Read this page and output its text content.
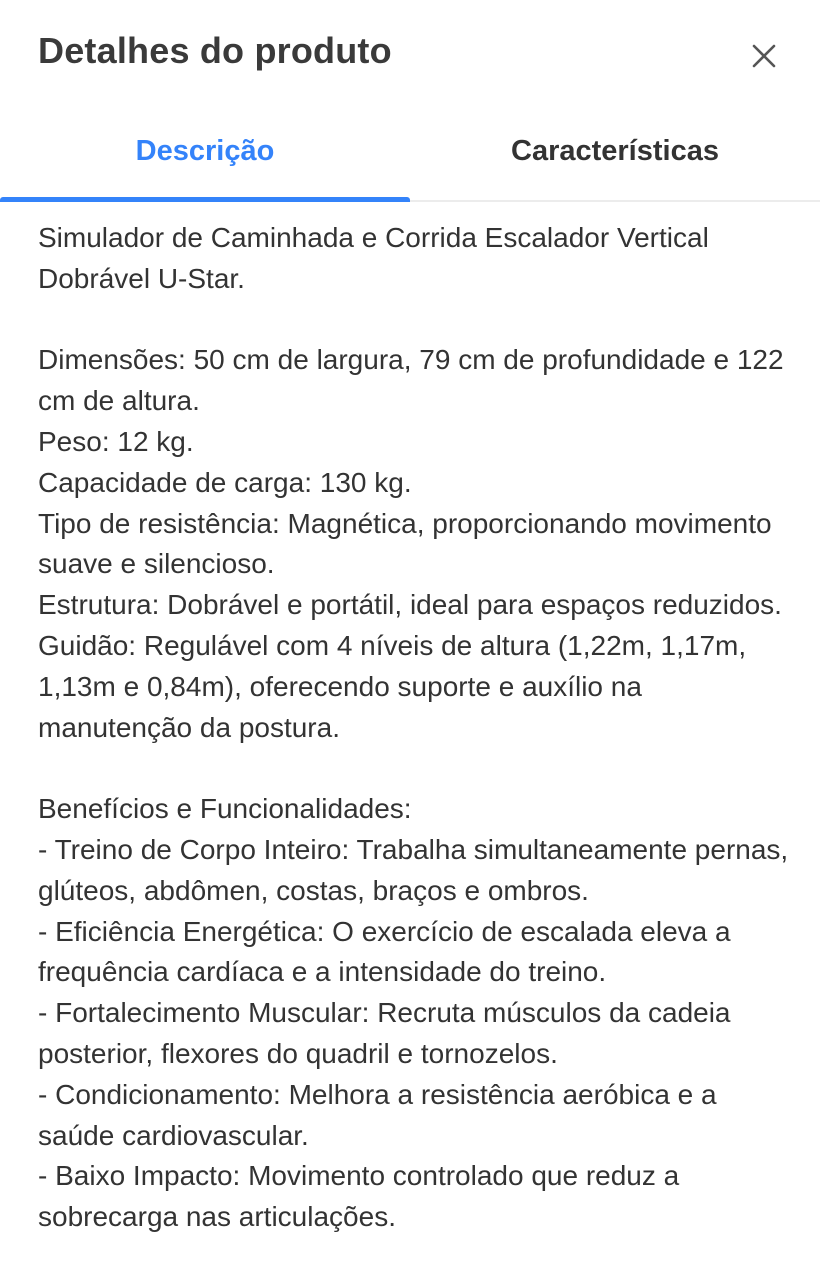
Detalhes do produto
Descrição	Características

Simulador de Caminhada e Corrida Escalador Vertical Dobrável U-Star.

Dimensões: 50 cm de largura, 79 cm de profundidade e 122 cm de altura.

Peso: 12 kg.

Capacidade de carga: 130 kg.

Tipo de resistência: Magnética, proporcionando movimento suave e silencioso.

Estrutura: Dobrável e portátil, ideal para espaços reduzidos.

Guidão: Regulável com 4 níveis de altura (1,22m, 1,17m, 1,13m e 0,84m), oferecendo suporte e auxílio na manutenção da postura.

Benefícios e Funcionalidades:

- Treino de Corpo Inteiro: Trabalha simultaneamente pernas, glúteos, abdômen, costas, braços e ombros.

- Eficiência Energética: O exercício de escalada eleva a frequência cardíaca e a intensidade do treino.

- Fortalecimento Muscular: Recruta músculos da cadeia posterior, flexores do quadril e tornozelos.

- Condicionamento: Melhora a resistência aeróbica e a saúde cardiovascular.

- Baixo Impacto: Movimento controlado que reduz a sobrecarga nas articulações.
